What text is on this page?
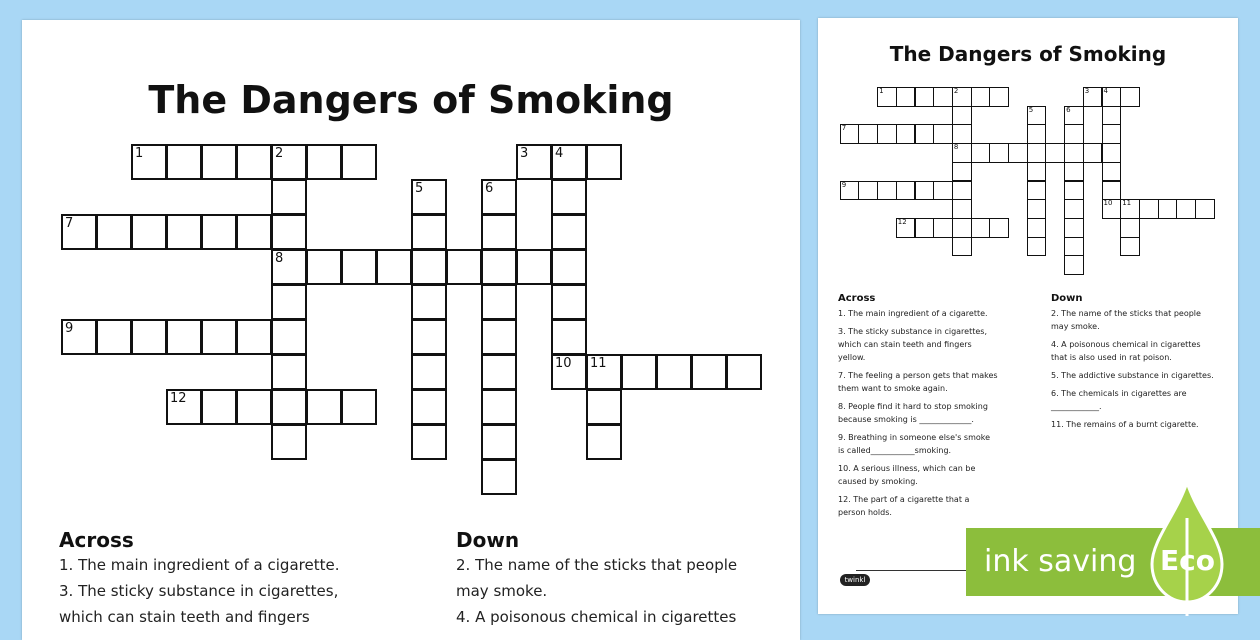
The Dangers of Smoking
1	2
8
3 4
10
5	6
7
9
11
12
Across	Down
1. The main ingredient of a cigarette.
3. The sticky substance in cigarettes,
which can stain teeth and fingers
2. The name of the sticks that people
may smoke.
4. A poisonous chemical in cigarettes
The Dangers of Smoking
1	2
8
3 4
10
5	6
7
9
11
12
Across	Down
1. The main ingredient of a cigarette.
3. The sticky substance in cigarettes, which can stain teeth and fingers yellow.
7. The feeling a person gets that makes them want to smoke again.
8. People find it hard to stop smoking because smoking is _____________.
9. Breathing in someone else's smoke is called___________smoking.
10. A serious illness, which can be caused by smoking.
12. The part of a cigarette that a person holds.
2. The name of the sticks that people may smoke.
4. A poisonous chemical in cigarettes that is also used in rat poison.
5. The addictive substance in cigarettes.
6. The chemicals in cigarettes are ____________.
11. The remains of a burnt cigarette.
twinkl
ink saving Eco
